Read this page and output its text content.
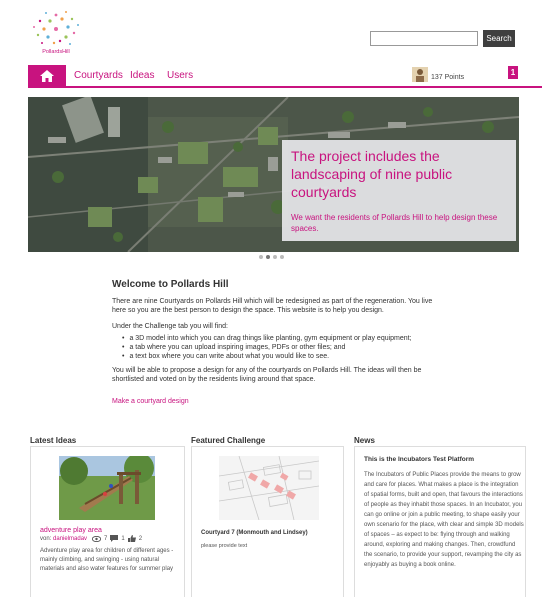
PollardsHill
Search
Courtyards Ideas Users	137 Points
1
The project includes the landscaping of nine public courtyards
We want the residents of Pollards Hill to help design these spaces.
Welcome to Pollards Hill
There are nine Courtyards on Pollards Hill which will be redesigned as part of the regeneration. You live here so you are the best person to design the space. This website is to help you design.
Under the Challenge tab you will find:
• a 3D model into which you can drag things like planting, gym equipment or play equipment;
• a tab where you can upload inspiring images, PDFs or other files; and
• a text box where you can write about what you would like to see.
You will be able to propose a design for any of the courtyards on Pollards Hill. The ideas will then be shortlisted and voted on by the residents living around that space.
Make a courtyard design
Latest Ideas
adventure play area
von: danielmadav	7 1 2
Adventure play area for children of different ages - mainly climbing, and swinging - using natural materials and also water features for summer play
Featured Challenge
Courtyard 7 (Monmouth and Lindsey)
please provide text
News
This is the Incubators Test Platform
The Incubators of Public Places provide the means to grow and care for places. What makes a place is the integration of spatial forms, built and open, that favours the interactions of people as they inhabit those spaces. In an Incubator, you can go online or join a public meeting, to shape easily your own scenario for the place, with clear and simple 3D models of spaces – as expect to be: flying through and walking around, exploring and making changes. Then, crowdfund the scenario, to provide your support, revamping the city as enjoyably as buying a book online.
